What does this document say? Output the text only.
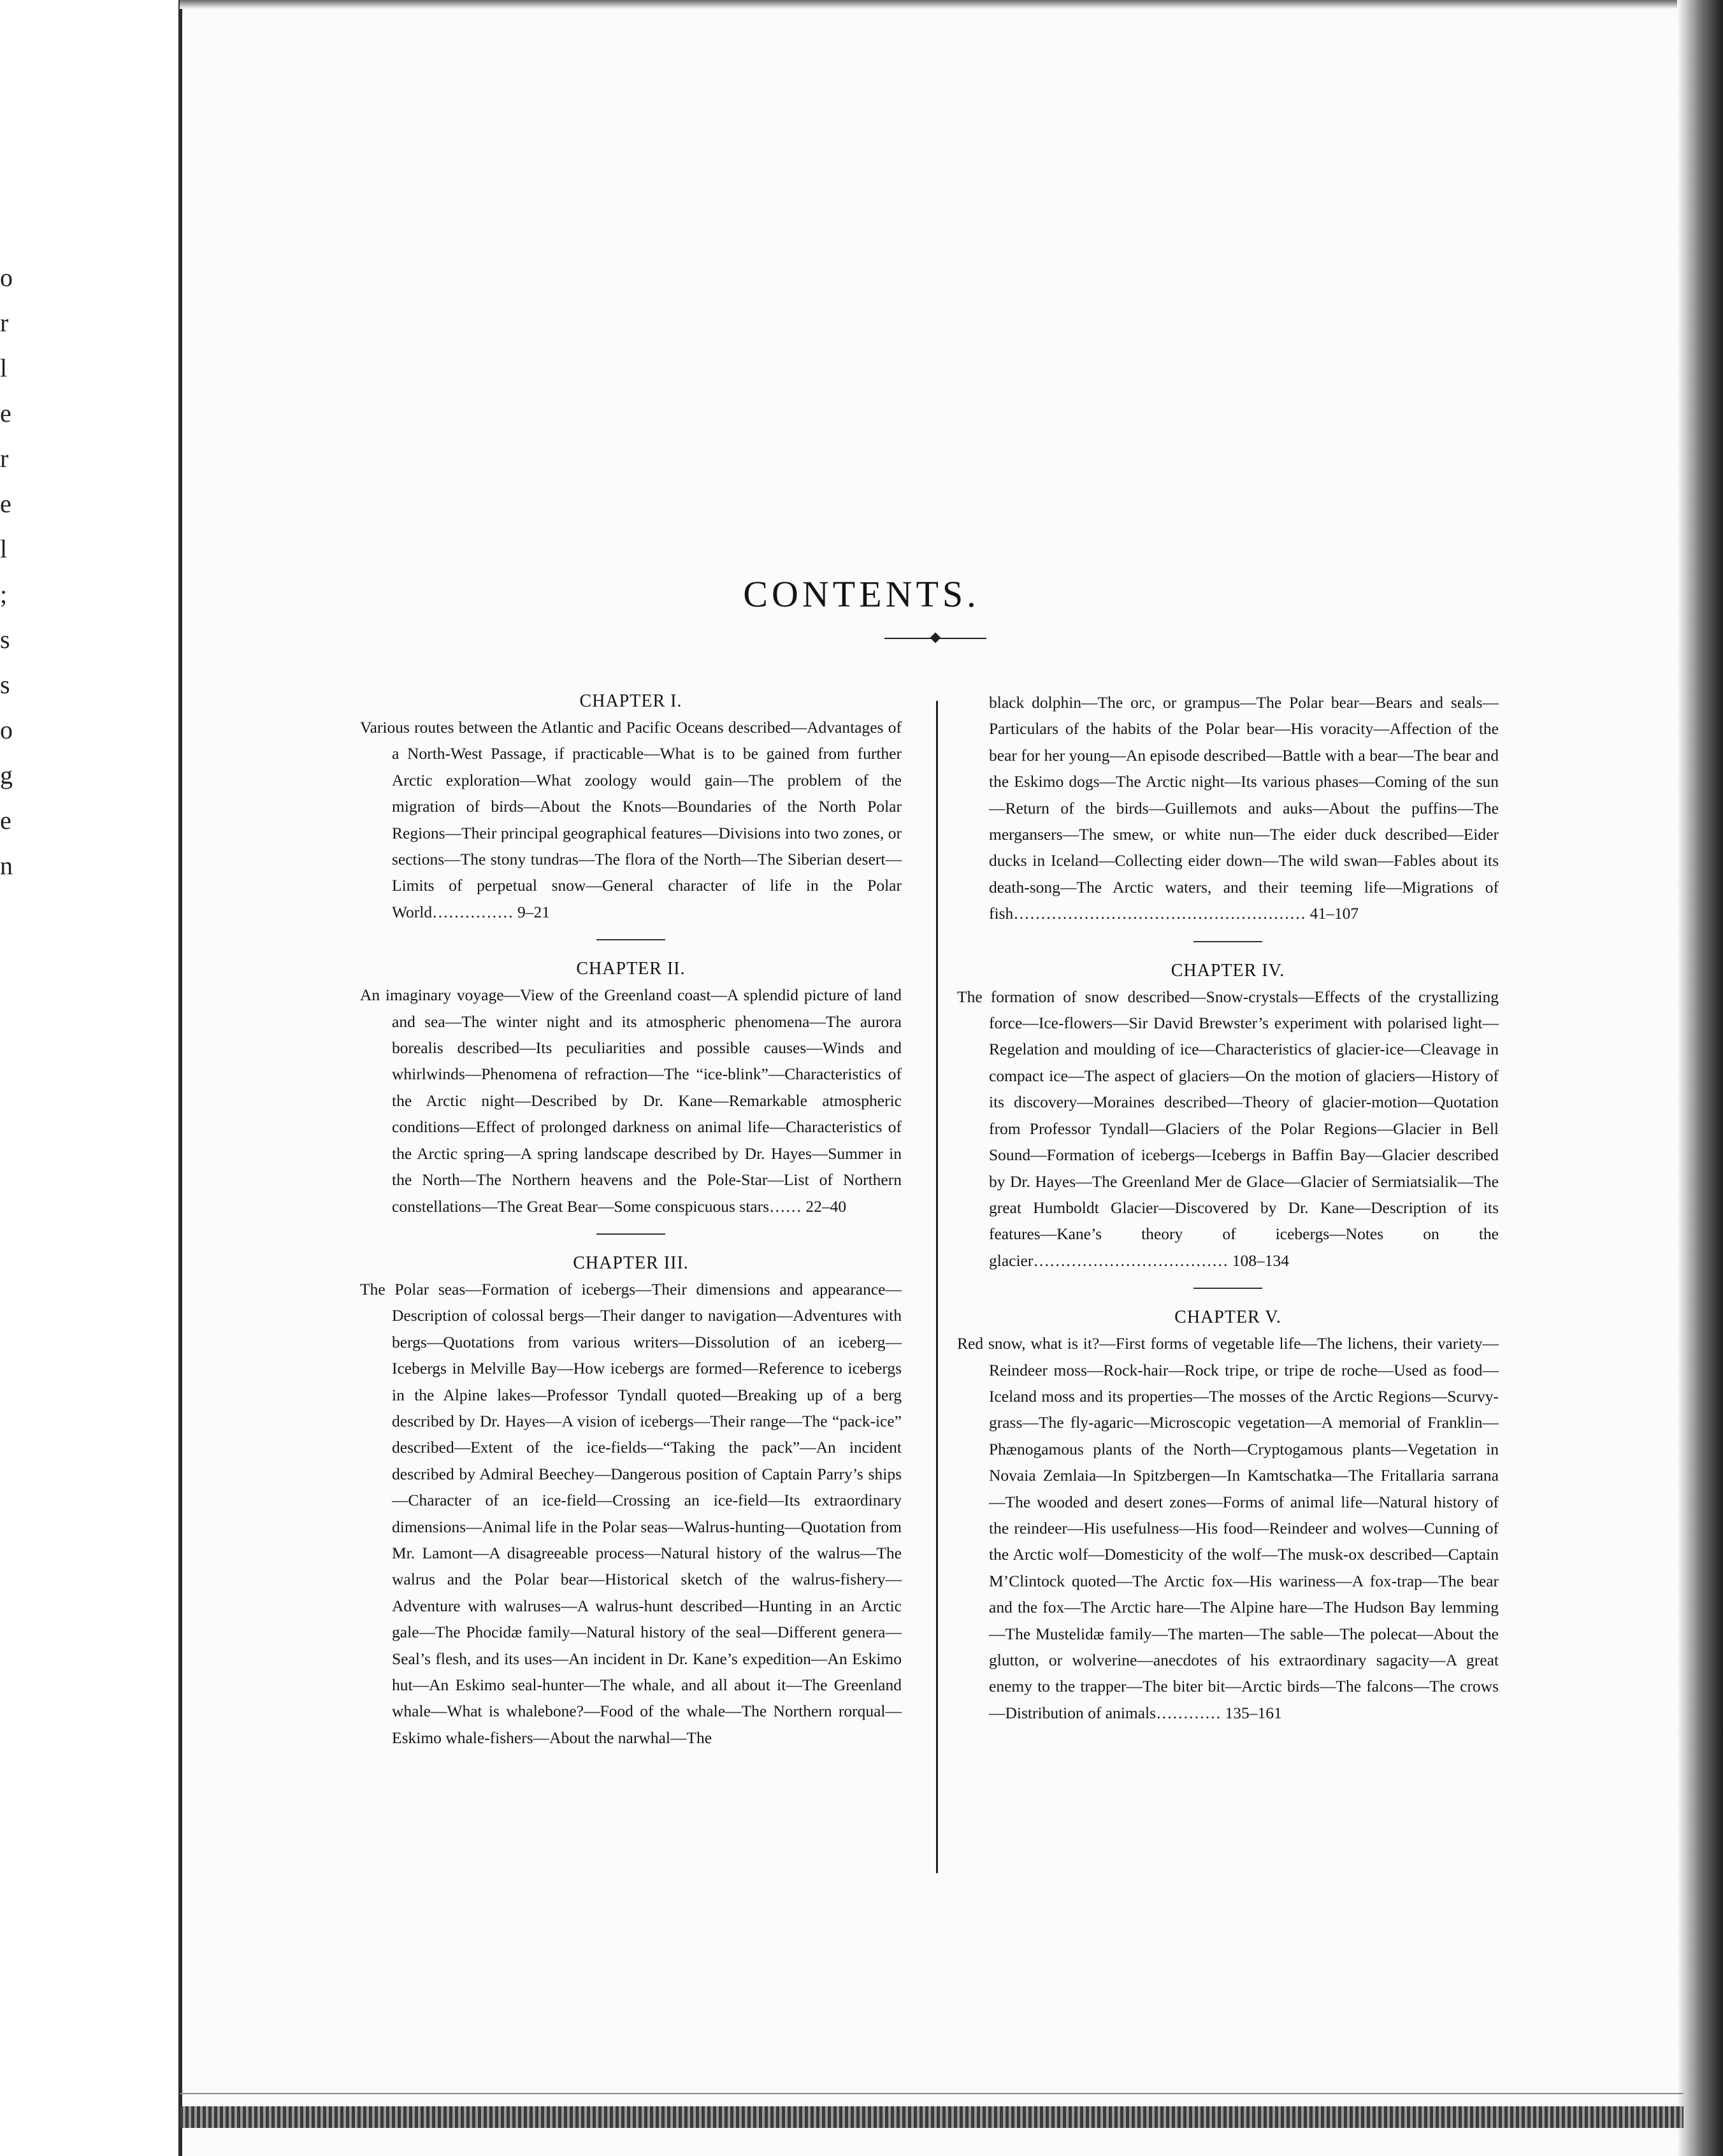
o
r
l
e
r
e
l
;
s
s
o
g
e
n
CONTENTS.
CHAPTER I.

Various routes between the Atlantic and Pacific Oceans described—Advantages of a North-West Passage, if practicable—What is to be gained from further Arctic exploration—What zoology would gain—The problem of the migration of birds—About the Knots—Boundaries of the North Polar Regions—Their principal geographical features—Divisions into two zones, or sections—The stony tundras—The flora of the North—The Siberian desert—Limits of perpetual snow—General character of life in the Polar World…………… 9–21

CHAPTER II.

An imaginary voyage—View of the Greenland coast—A splendid picture of land and sea—The winter night and its atmospheric phenomena—The aurora borealis described—Its peculiarities and possible causes—Winds and whirlwinds—Phenomena of refraction—The “ice-blink”—Characteristics of the Arctic night—Described by Dr. Kane—Remarkable atmospheric conditions—Effect of prolonged darkness on animal life—Characteristics of the Arctic spring—A spring landscape described by Dr. Hayes—Summer in the North—The Northern heavens and the Pole-Star—List of Northern constellations—The Great Bear—Some conspicuous stars…… 22–40

CHAPTER III.

The Polar seas—Formation of icebergs—Their dimensions and appearance—Description of colossal bergs—Their danger to navigation—Adventures with bergs—Quotations from various writers—Dissolution of an iceberg—Icebergs in Melville Bay—How icebergs are formed—Reference to icebergs in the Alpine lakes—Professor Tyndall quoted—Breaking up of a berg described by Dr. Hayes—A vision of icebergs—Their range—The “pack-ice” described—Extent of the ice-fields—“Taking the pack”—An incident described by Admiral Beechey—Dangerous position of Captain Parry’s ships—Character of an ice-field—Crossing an ice-field—Its extraordinary dimensions—Animal life in the Polar seas—Walrus-hunting—Quotation from Mr. Lamont—A disagreeable process—Natural history of the walrus—The walrus and the Polar bear—Historical sketch of the walrus-fishery—Adventure with walruses—A walrus-hunt described—Hunting in an Arctic gale—The Phocidæ family—Natural history of the seal—Different genera—Seal’s flesh, and its uses—An incident in Dr. Kane’s expedition—An Eskimo hut—An Eskimo seal-hunter—The whale, and all about it—The Greenland whale—What is whalebone?—Food of the whale—The Northern rorqual—Eskimo whale-fishers—About the narwhal—The

black dolphin—The orc, or grampus—The Polar bear—Bears and seals—Particulars of the habits of the Polar bear—His voracity—Affection of the bear for her young—An episode described—Battle with a bear—The bear and the Eskimo dogs—The Arctic night—Its various phases—Coming of the sun—Return of the birds—Guillemots and auks—About the puffins—The mergansers—The smew, or white nun—The eider duck described—Eider ducks in Iceland—Collecting eider down—The wild swan—Fables about its death-song—The Arctic waters, and their teeming life—Migrations of fish……………………………………………… 41–107

CHAPTER IV.

The formation of snow described—Snow-crystals—Effects of the crystallizing force—Ice-flowers—Sir David Brewster’s experiment with polarised light—Regelation and moulding of ice—Characteristics of glacier-ice—Cleavage in compact ice—The aspect of glaciers—On the motion of glaciers—History of its discovery—Moraines described—Theory of glacier-motion—Quotation from Professor Tyndall—Glaciers of the Polar Regions—Glacier in Bell Sound—Formation of icebergs—Icebergs in Baffin Bay—Glacier described by Dr. Hayes—The Greenland Mer de Glace—Glacier of Sermiatsialik—The great Humboldt Glacier—Discovered by Dr. Kane—Description of its features—Kane’s theory of icebergs—Notes on the glacier……………………………… 108–134

CHAPTER V.

Red snow, what is it?—First forms of vegetable life—The lichens, their variety—Reindeer moss—Rock-hair—Rock tripe, or tripe de roche—Used as food—Iceland moss and its properties—The mosses of the Arctic Regions—Scurvy-grass—The fly-agaric—Microscopic vegetation—A memorial of Franklin—Phænogamous plants of the North—Cryptogamous plants—Vegetation in Novaia Zemlaia—In Spitzbergen—In Kamtschatka—The Fritallaria sarrana—The wooded and desert zones—Forms of animal life—Natural history of the reindeer—His usefulness—His food—Reindeer and wolves—Cunning of the Arctic wolf—Domesticity of the wolf—The musk-ox described—Captain M’Clintock quoted—The Arctic fox—His wariness—A fox-trap—The bear and the fox—The Arctic hare—The Alpine hare—The Hudson Bay lemming—The Mustelidæ family—The marten—The sable—The polecat—About the glutton, or wolverine—anecdotes of his extraordinary sagacity—A great enemy to the trapper—The biter bit—Arctic birds—The falcons—The crows—Distribution of animals………… 135–161
